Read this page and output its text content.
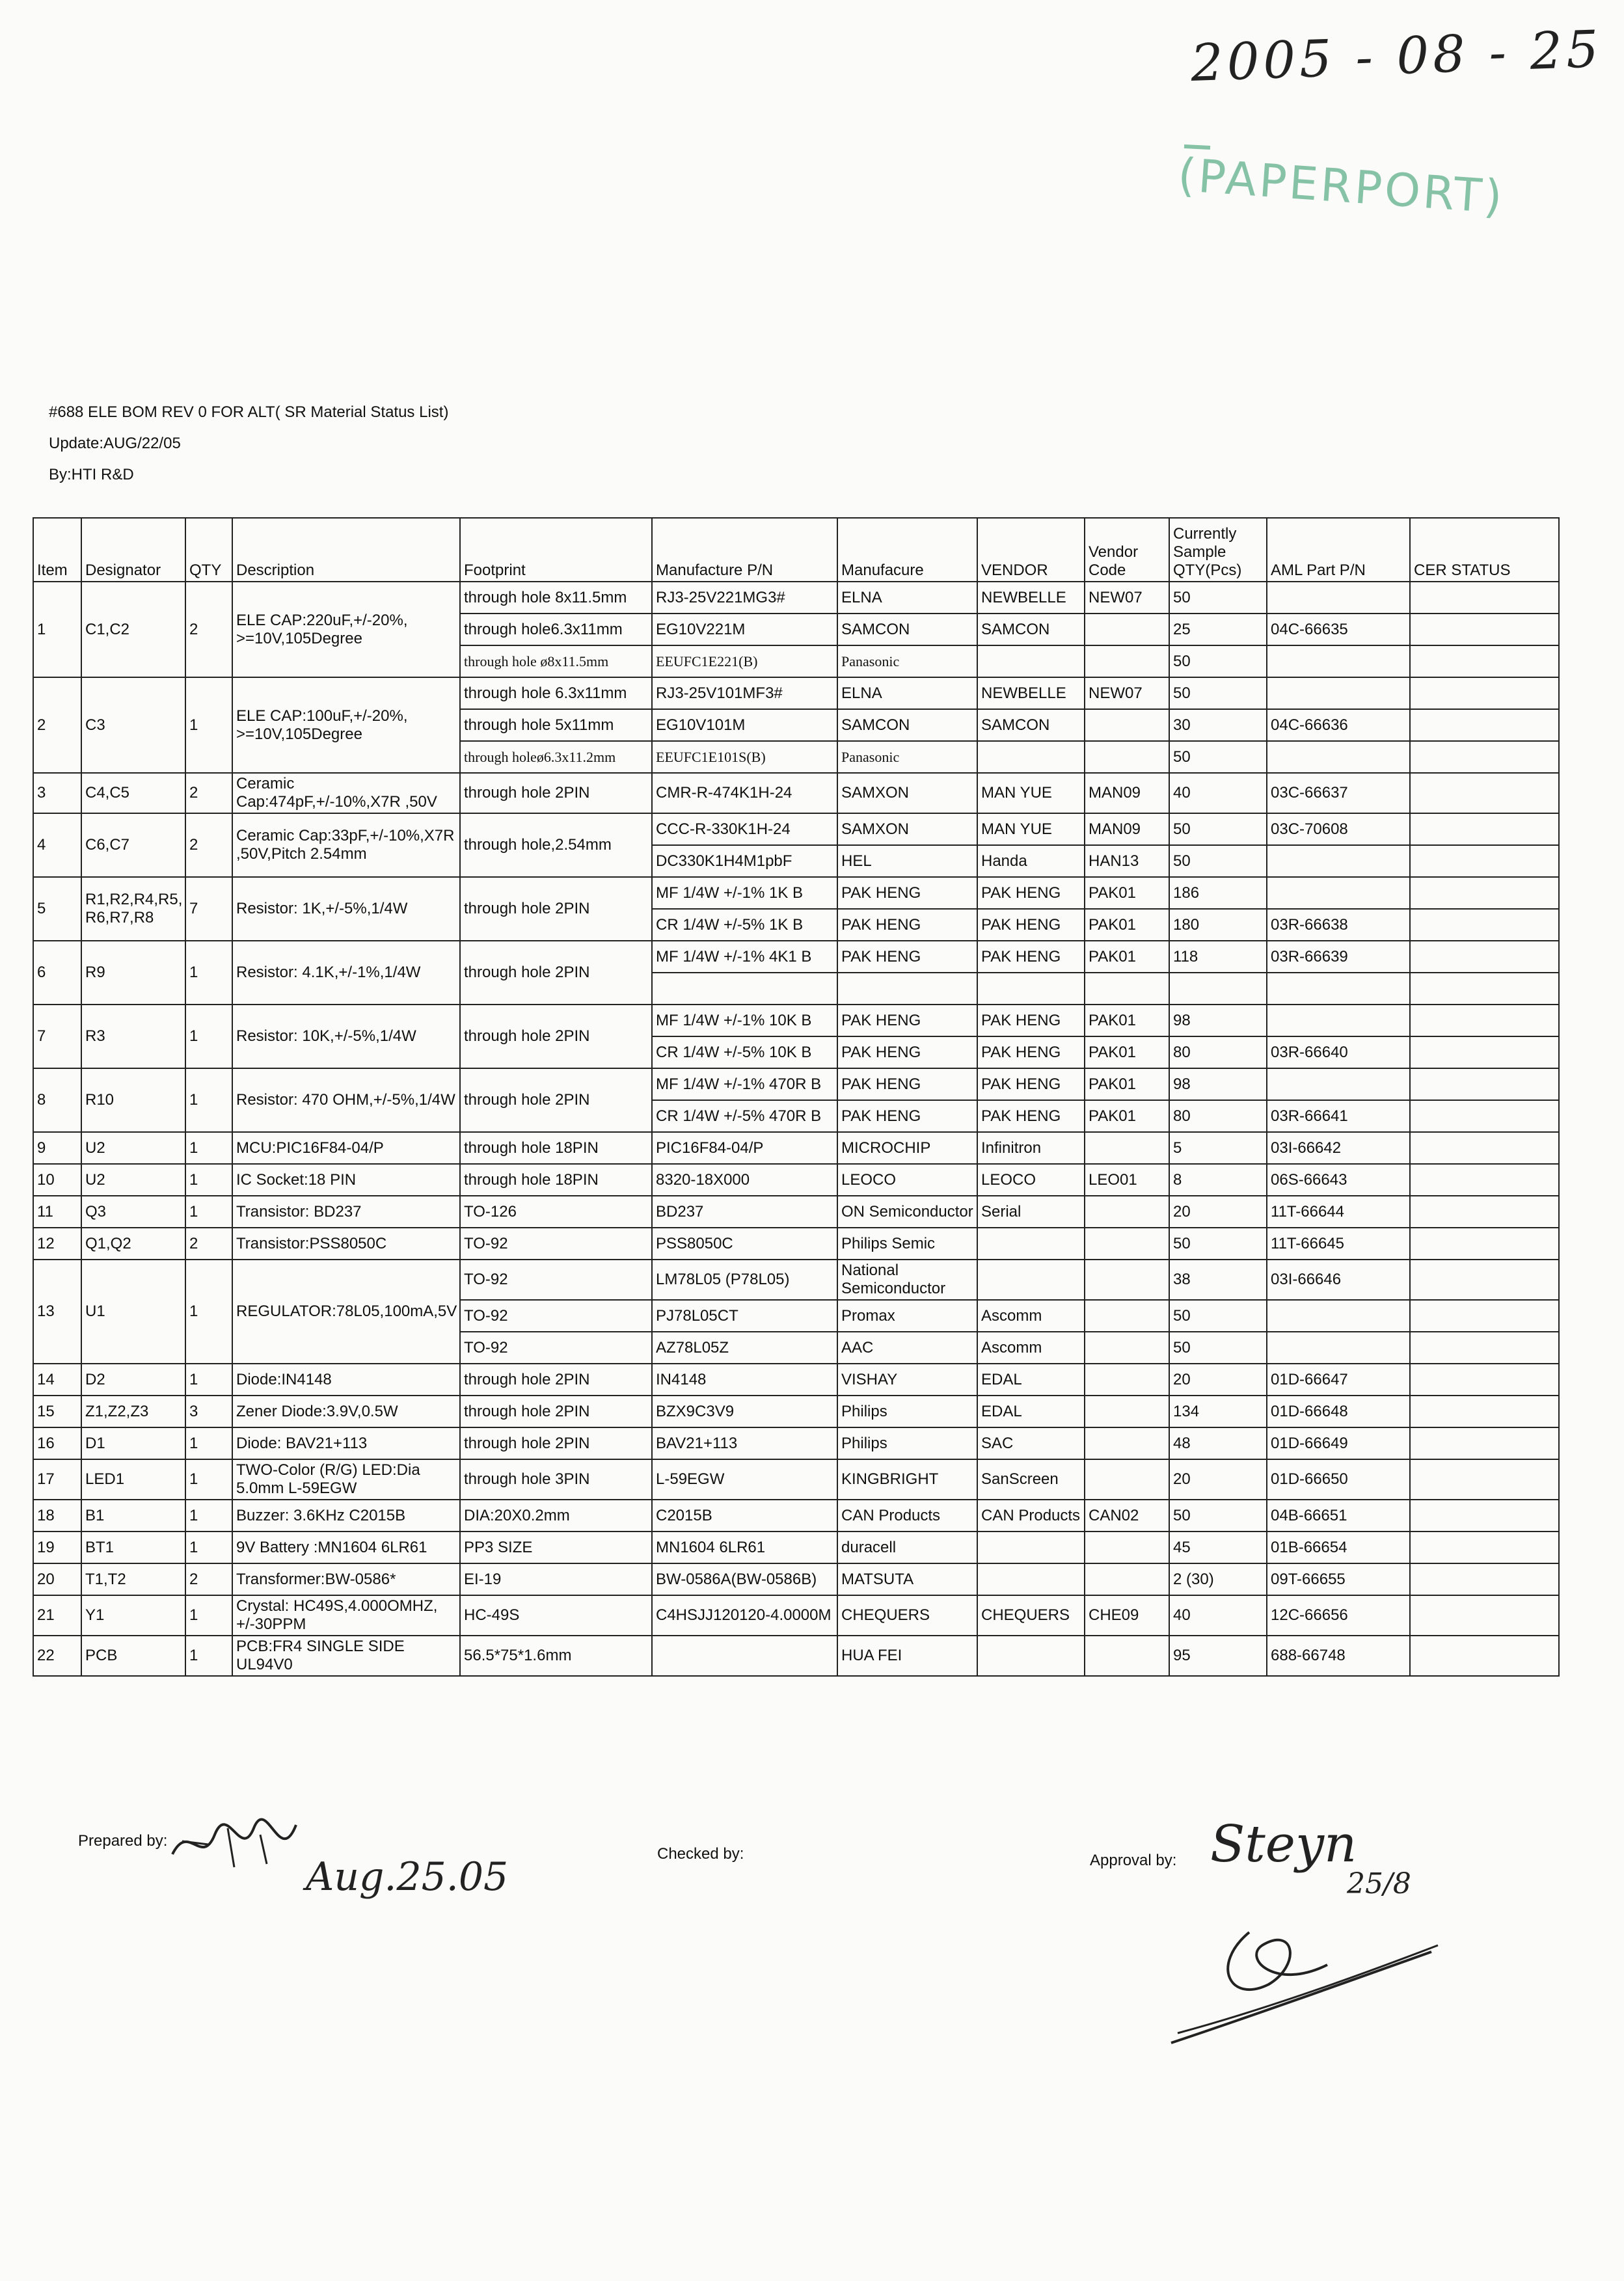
2005 - 08 - 25
(PAPERPORT)
#688 ELE BOM REV 0 FOR ALT( SR Material Status List)
Update:AUG/22/05
By:HTI R&D
Item	Designator	QTY	Description	Footprint	Manufacture P/N	Manufacure	VENDOR	Vendor Code	Currently Sample QTY(Pcs)	AML Part P/N	CER STATUS
1	C1,C2	2	ELE CAP:220uF,+/-20%, >=10V,105Degree	through hole 8x11.5mm	RJ3-25V221MG3#	ELNA	NEWBELLE	NEW07	50		
				through hole6.3x11mm	EG10V221M	SAMCON	SAMCON		25	04C-66635	
				through hole ø8x11.5mm	EEUFC1E221(B)	Panasonic			50		
2	C3	1	ELE CAP:100uF,+/-20%, >=10V,105Degree	through hole 6.3x11mm	RJ3-25V101MF3#	ELNA	NEWBELLE	NEW07	50		
				through hole 5x11mm	EG10V101M	SAMCON	SAMCON		30	04C-66636	
				through holeø6.3x11.2mm	EEUFC1E101S(B)	Panasonic			50		
3	C4,C5	2	Ceramic Cap:474pF,+/-10%,X7R ,50V	through hole 2PIN	CMR-R-474K1H-24	SAMXON	MAN YUE	MAN09	40	03C-66637	
4	C6,C7	2	Ceramic Cap:33pF,+/-10%,X7R ,50V,Pitch 2.54mm	through hole,2.54mm	CCC-R-330K1H-24	SAMXON	MAN YUE	MAN09	50	03C-70608	
					DC330K1H4M1pbF	HEL	Handa	HAN13	50		
5	R1,R2,R4,R5, R6,R7,R8	7	Resistor: 1K,+/-5%,1/4W	through hole 2PIN	MF 1/4W +/-1% 1K B	PAK HENG	PAK HENG	PAK01	186		
					CR 1/4W +/-5% 1K B	PAK HENG	PAK HENG	PAK01	180	03R-66638	
6	R9	1	Resistor: 4.1K,+/-1%,1/4W	through hole 2PIN	MF 1/4W +/-1% 4K1 B	PAK HENG	PAK HENG	PAK01	118	03R-66639	

7	R3	1	Resistor: 10K,+/-5%,1/4W	through hole 2PIN	MF 1/4W +/-1% 10K B	PAK HENG	PAK HENG	PAK01	98		
					CR 1/4W +/-5% 10K B	PAK HENG	PAK HENG	PAK01	80	03R-66640	
8	R10	1	Resistor: 470 OHM,+/-5%,1/4W	through hole 2PIN	MF 1/4W +/-1% 470R B	PAK HENG	PAK HENG	PAK01	98		
					CR 1/4W +/-5% 470R B	PAK HENG	PAK HENG	PAK01	80	03R-66641	
9	U2	1	MCU:PIC16F84-04/P	through hole 18PIN	PIC16F84-04/P	MICROCHIP	Infinitron		5	03I-66642	
10	U2	1	IC Socket:18 PIN	through hole 18PIN	8320-18X000	LEOCO	LEOCO	LEO01	8	06S-66643	
11	Q3	1	Transistor: BD237	TO-126	BD237	ON Semiconductor	Serial		20	11T-66644	
12	Q1,Q2	2	Transistor:PSS8050C	TO-92	PSS8050C	Philips Semic			50	11T-66645	
13	U1	1	REGULATOR:78L05,100mA,5V	TO-92	LM78L05 (P78L05)	National Semiconductor			38	03I-66646	
				TO-92	PJ78L05CT	Promax	Ascomm		50		
				TO-92	AZ78L05Z	AAC	Ascomm		50		
14	D2	1	Diode:IN4148	through hole 2PIN	IN4148	VISHAY	EDAL		20	01D-66647	
15	Z1,Z2,Z3	3	Zener Diode:3.9V,0.5W	through hole 2PIN	BZX9C3V9	Philips	EDAL		134	01D-66648	
16	D1	1	Diode: BAV21+113	through hole 2PIN	BAV21+113	Philips	SAC		48	01D-66649	
17	LED1	1	TWO-Color (R/G) LED:Dia 5.0mm L-59EGW	through hole 3PIN	L-59EGW	KINGBRIGHT	SanScreen		20	01D-66650	
18	B1	1	Buzzer: 3.6KHz C2015B	DIA:20X0.2mm	C2015B	CAN Products	CAN Products	CAN02	50	04B-66651	
19	BT1	1	9V Battery :MN1604 6LR61	PP3 SIZE	MN1604 6LR61	duracell			45	01B-66654	
20	T1,T2	2	Transformer:BW-0586*	EI-19	BW-0586A(BW-0586B)	MATSUTA			2 (30)	09T-66655	
21	Y1	1	Crystal: HC49S,4.000OMHZ, +/-30PPM	HC-49S	C4HSJJ120120-4.0000M	CHEQUERS	CHEQUERS	CHE09	40	12C-66656	
22	PCB	1	PCB:FR4 SINGLE SIDE UL94V0	56.5*75*1.6mm		HUA FEI			95	688-66748	
Prepared by:
Aug.25.05
Checked by:	Approval by: Steyn
25/8
